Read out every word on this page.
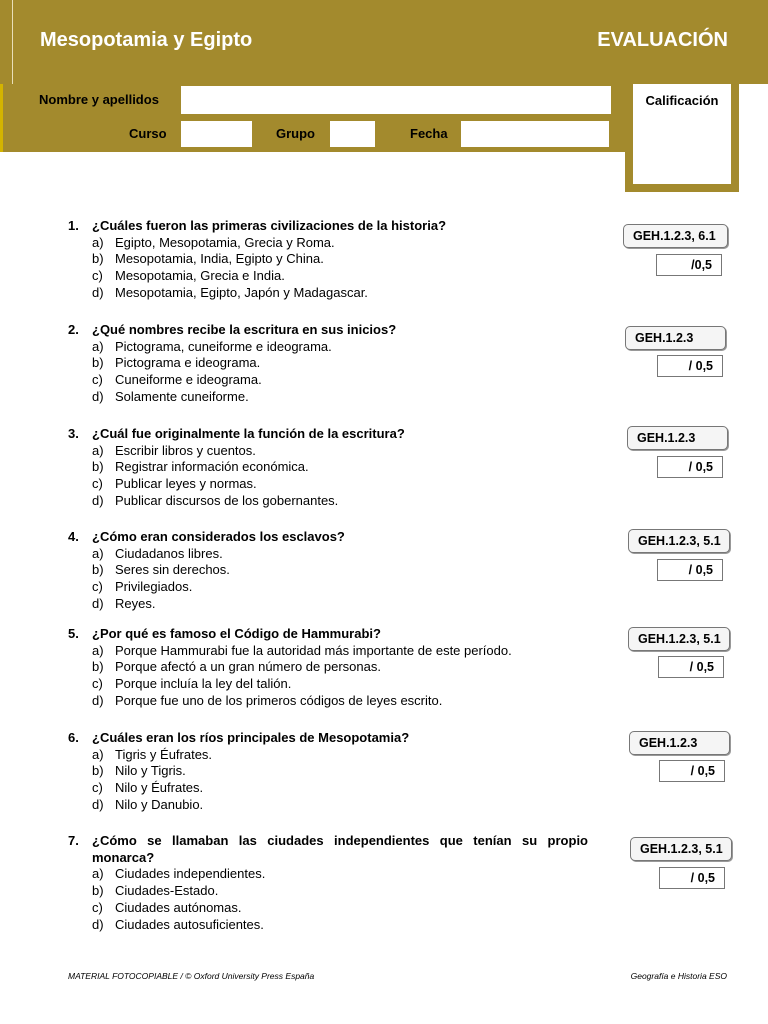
Mesopotamia y Egipto	EVALUACIÓN
Nombre y apellidos
Curso	Grupo	Fecha
Calificación
1.	¿Cuáles fueron las primeras civilizaciones de la historia?
a) Egipto, Mesopotamia, Grecia y Roma.
b) Mesopotamia, India, Egipto y China.
c) Mesopotamia, Grecia e India.
d) Mesopotamia, Egipto, Japón y Madagascar.
GEH.1.2.3, 6.1
/0,5
2.	¿Qué nombres recibe la escritura en sus inicios?
a) Pictograma, cuneiforme e ideograma.
b) Pictograma e ideograma.
c) Cuneiforme e ideograma.
d) Solamente cuneiforme.
GEH.1.2.3
/ 0,5
3.	¿Cuál fue originalmente la función de la escritura?
a) Escribir libros y cuentos.
b) Registrar información económica.
c) Publicar leyes y normas.
d) Publicar discursos de los gobernantes.
GEH.1.2.3
/ 0,5
4.	¿Cómo eran considerados los esclavos?
a) Ciudadanos libres.
b) Seres sin derechos.
c) Privilegiados.
d) Reyes.
GEH.1.2.3, 5.1
/ 0,5
5.	¿Por qué es famoso el Código de Hammurabi?
a) Porque Hammurabi fue la autoridad más importante de este período.
b) Porque afectó a un gran número de personas.
c) Porque incluía la ley del talión.
d) Porque fue uno de los primeros códigos de leyes escrito.
GEH.1.2.3, 5.1
/ 0,5
6.	¿Cuáles eran los ríos principales de Mesopotamia?
a) Tigris y Éufrates.
b) Nilo y Tigris.
c) Nilo y Éufrates.
d) Nilo y Danubio.
GEH.1.2.3
/ 0,5
7.	¿Cómo se llamaban las ciudades independientes que tenían su propio monarca?
a) Ciudades independientes.
b) Ciudades-Estado.
c) Ciudades autónomas.
d) Ciudades autosuficientes.
GEH.1.2.3, 5.1
/ 0,5
MATERIAL FOTOCOPIABLE / © Oxford University Press España	Geografía e Historia ESO
